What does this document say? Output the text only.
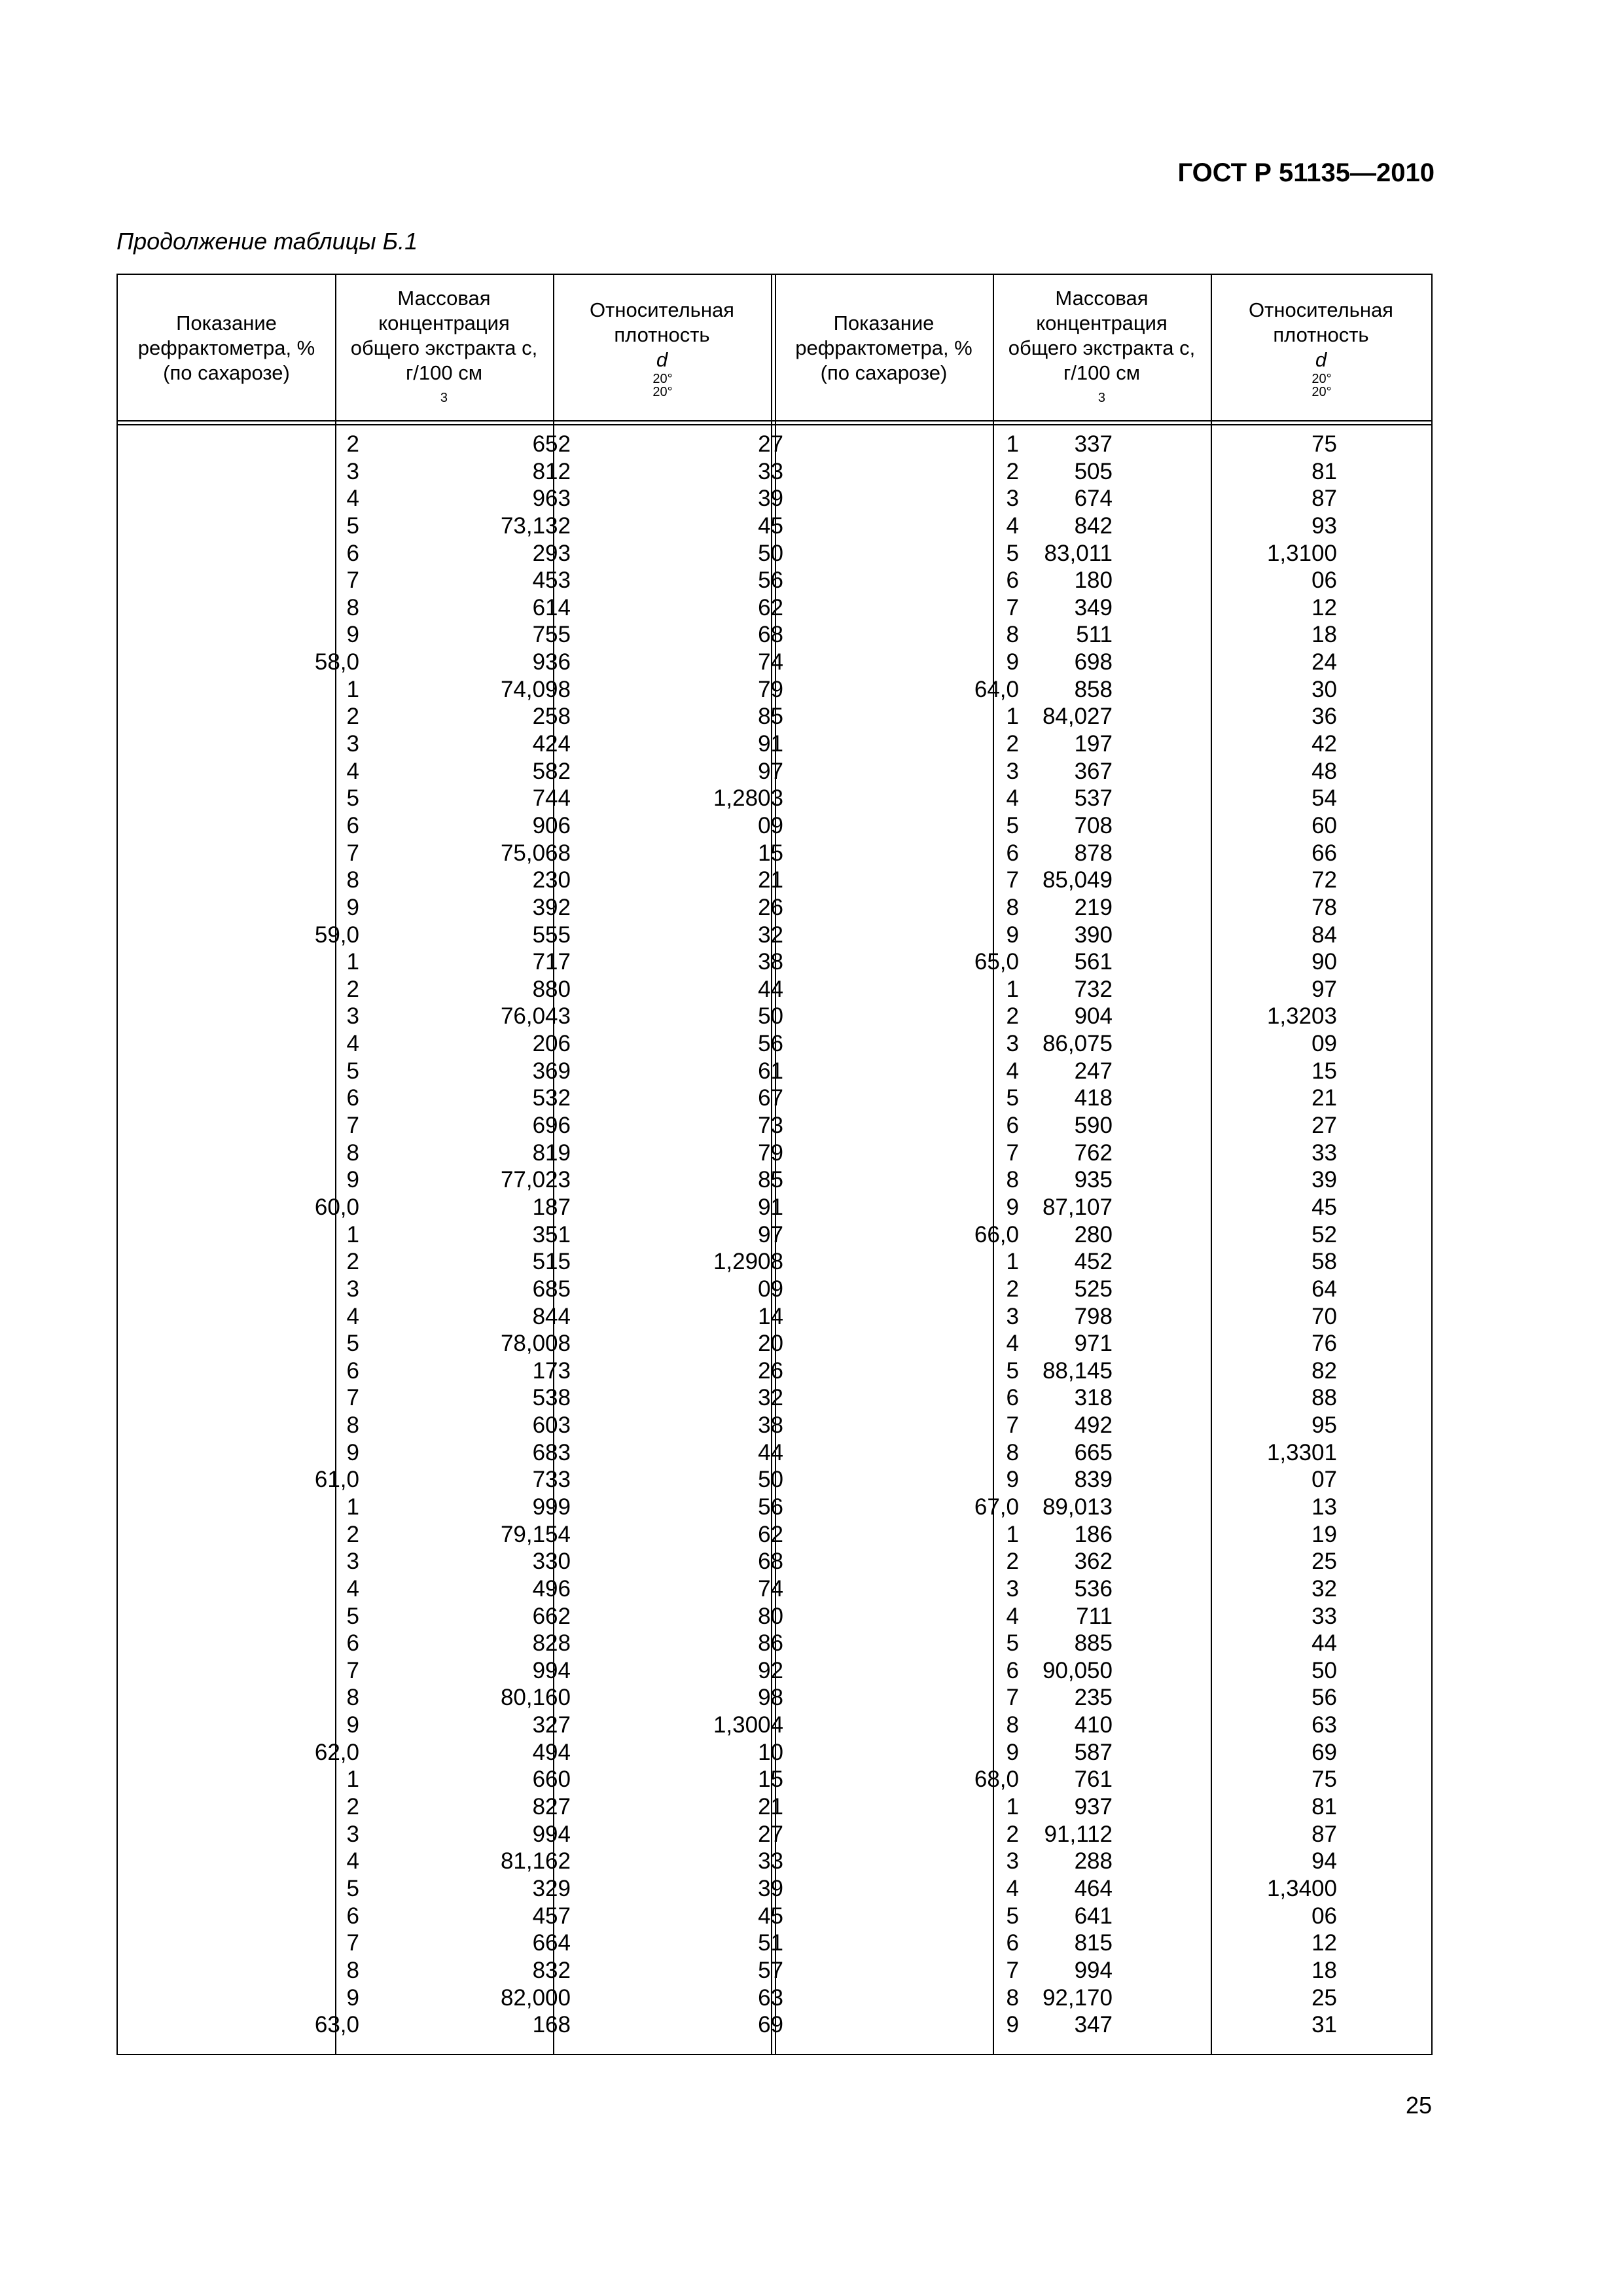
ГОСТ Р 51135—2010
Продолжение таблицы Б.1
Показание
рефрактометра, %
(по сахарозе)
Массовая
концентрация
общего экстракта c,
г/100 см
3
Относительная
плотность
d
20°
20°
Показание
рефрактометра, %
(по сахарозе)
Массовая
концентрация
общего экстракта c,
г/100 см
3
Относительная
плотность
d
20°
20°
2
3
4
5
6
7
8
9
58,0
1
2
3
4
5
6
7
8
9
59,0
1
2
3
4
5
6
7
8
9
60,0
1
2
3
4
5
6
7
8
9
61,0
1
2
3
4
5
6
7
8
9
62,0
1
2
3
4
5
6
7
8
9
63,0
652
812
963
73,132
293
453
614
755
936
74,098
258
424
582
744
906
75,068
230
392
555
717
880
76,043
206
369
532
696
819
77,023
187
351
515
685
844
78,008
173
538
603
683
733
999
79,154
330
496
662
828
994
80,160
327
494
660
827
994
81,162
329
457
664
832
82,000
168
27
33
39
45
50
56
62
68
74
79
85
91
97
1,2803
09
15
21
26
32
38
44
50
56
61
67
73
79
85
91
97
1,2908
09
14
20
26
32
38
44
50
56
62
68
74
80
86
92
98
1,3004
10
15
21
27
33
39
45
51
57
63
69
1
2
3
4
5
6
7
8
9
64,0
1
2
3
4
5
6
7
8
9
65,0
1
2
3
4
5
6
7
8
9
66,0
1
2
3
4
5
6
7
8
9
67,0
1
2
3
4
5
6
7
8
9
68,0
1
2
3
4
5
6
7
8
9
337
505
674
842
83,011
180
349
511
698
858
84,027
197
367
537
708
878
85,049
219
390
561
732
904
86,075
247
418
590
762
935
87,107
280
452
525
798
971
88,145
318
492
665
839
89,013
186
362
536
711
885
90,050
235
410
587
761
937
91,112
288
464
641
815
994
92,170
347
75
81
87
93
1,3100
06
12
18
24
30
36
42
48
54
60
66
72
78
84
90
97
1,3203
09
15
21
27
33
39
45
52
58
64
70
76
82
88
95
1,3301
07
13
19
25
32
33
44
50
56
63
69
75
81
87
94
1,3400
06
12
18
25
31
25
